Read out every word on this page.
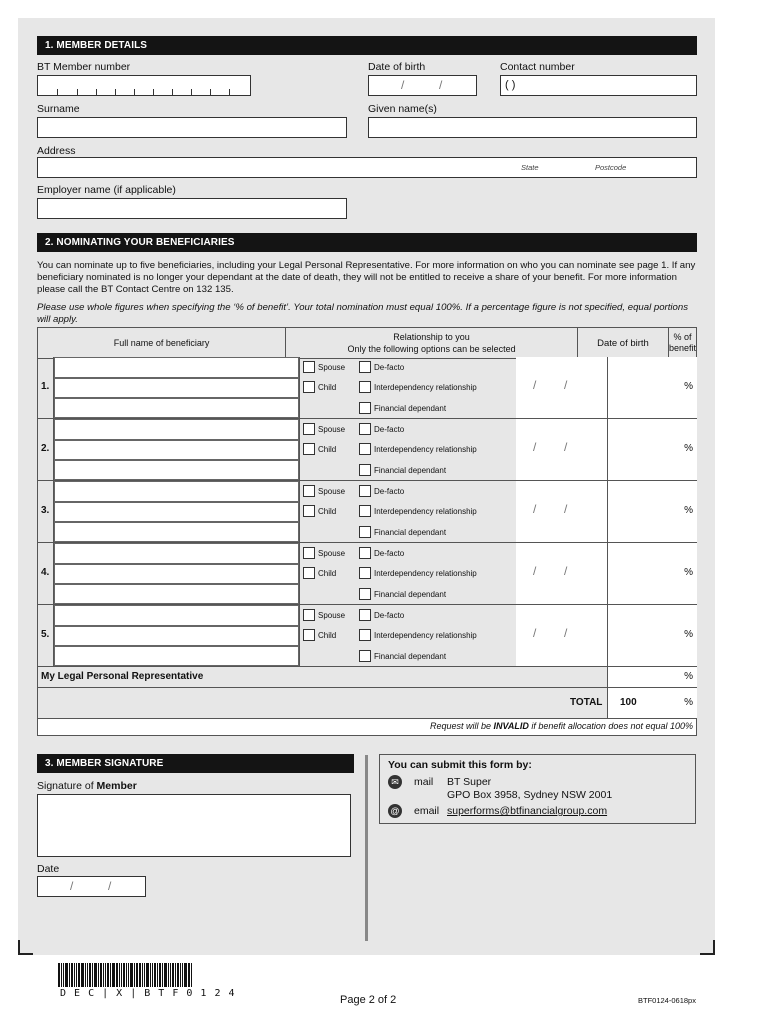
1. MEMBER DETAILS
BT Member number	Date of birth
/	/
Contact number
( )
Surname	Given name(s)
Address
State	Postcode
Employer name (if applicable)
2. NOMINATING YOUR BENEFICIARIES
You can nominate up to five beneficiaries, including your Legal Personal Representative. For more information on who you can nominate see page 1. If any beneficiary nominated is no longer your dependant at the date of death, they will not be entitled to receive a share of your benefit. For more information please call the BT Contact Centre on 132 135.
Please use whole figures when specifying the ‘% of benefit’. Your total nomination must equal 100%. If a percentage figure is not specified, equal portions will apply.
Full name of beneficiary	Relationship to you
Only the following options can be selected	
Date of birth
% of
benefit
1.
Spouse
Child
De-facto
Interdependency relationship
Financial dependant
/ /	%
2.
Spouse
Child
De-facto
Interdependency relationship
Financial dependant
/ /	%
3.
Spouse
Child
De-facto
Interdependency relationship
Financial dependant
/ /	%
4.
Spouse
Child
De-facto
Interdependency relationship
Financial dependant
/ /	%
5.
Spouse
Child
De-facto
Interdependency relationship
Financial dependant
/ /	%
My Legal Personal Representative	%
TOTAL 100	%
Request will be INVALID if benefit allocation does not equal 100%
3. MEMBER SIGNATURE
Signature of Member
Date
/	/
You can submit this form by:
✉	mail BT Super
GPO Box 3958, Sydney NSW 2001
@ email superforms@btfinancialgroup.com
D E C | X | B T F 0 1 2 4
Page 2 of 2	BTF0124-0618px
